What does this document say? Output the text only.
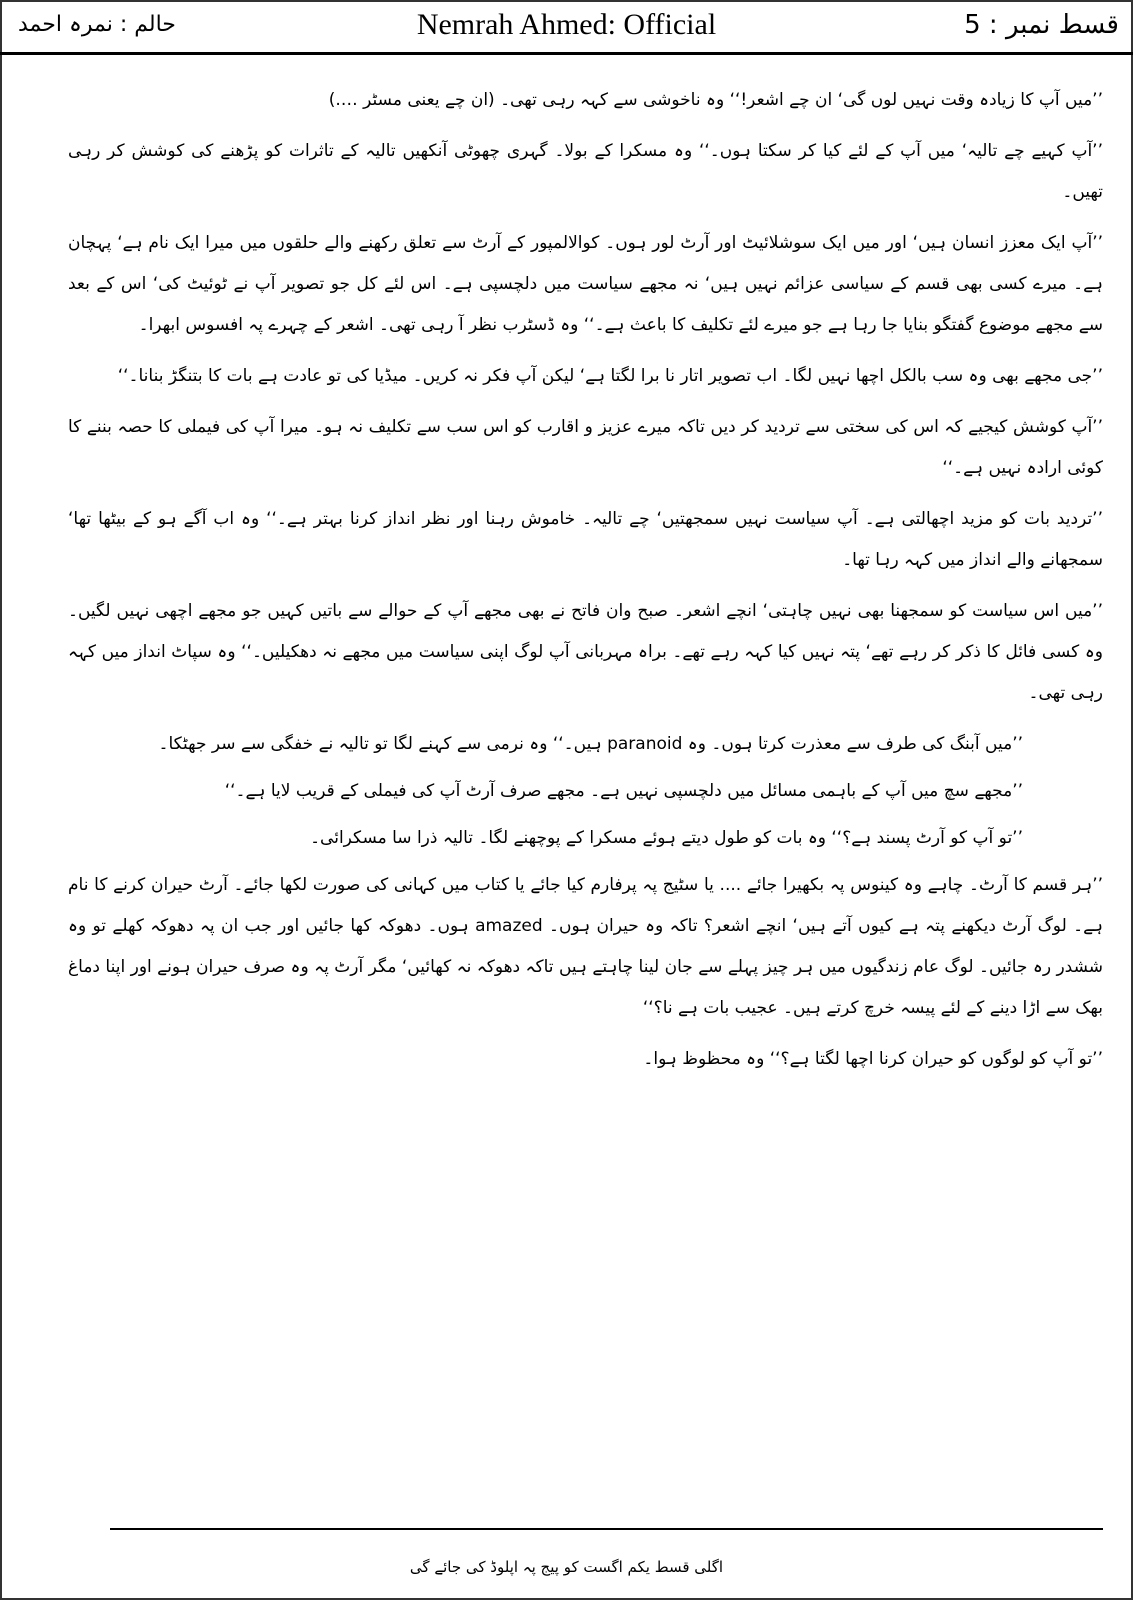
قسط نمبر : 5
Nemrah Ahmed: Official
حالم : نمرہ احمد

’’میں آپ کا زیادہ وقت نہیں لوں گی‘ ان چے اشعر!‘‘ وہ ناخوشی سے کہہ رہی تھی۔ (ان چے یعنی مسٹر ….)

’’آپ کہیے چے تالیہ‘ میں آپ کے لئے کیا کر سکتا ہوں۔‘‘ وہ مسکرا کے بولا۔ گہری چھوٹی آنکھیں تالیہ کے تاثرات کو پڑھنے کی کوشش کر رہی تھیں۔

’’آپ ایک معزز انسان ہیں‘ اور میں ایک سوشلائیٹ اور آرٹ لور ہوں۔ کوالالمپور کے آرٹ سے تعلق رکھنے والے حلقوں میں میرا ایک نام ہے‘ پہچان ہے۔ میرے کسی بھی قسم کے سیاسی عزائم نہیں ہیں‘ نہ مجھے سیاست میں دلچسپی ہے۔ اس لئے کل جو تصویر آپ نے ٹوئیٹ کی‘ اس کے بعد سے مجھے موضوع گفتگو بنایا جا رہا ہے جو میرے لئے تکلیف کا باعث ہے۔‘‘ وہ ڈسٹرب نظر آ رہی تھی۔ اشعر کے چہرے پہ افسوس ابھرا۔

’’جی مجھے بھی وہ سب بالکل اچھا نہیں لگا۔ اب تصویر اتار نا برا لگتا ہے‘ لیکن آپ فکر نہ کریں۔ میڈیا کی تو عادت ہے بات کا بتنگڑ بنانا۔‘‘

’’آپ کوشش کیجیے کہ اس کی سختی سے تردید کر دیں تاکہ میرے عزیز و اقارب کو اس سب سے تکلیف نہ ہو۔ میرا آپ کی فیملی کا حصہ بننے کا کوئی ارادہ نہیں ہے۔‘‘

’’تردید بات کو مزید اچھالتی ہے۔ آپ سیاست نہیں سمجھتیں‘ چے تالیہ۔ خاموش رہنا اور نظر انداز کرنا بہتر ہے۔‘‘ وہ اب آگے ہو کے بیٹھا تھا‘ سمجھانے والے انداز میں کہہ رہا تھا۔

’’میں اس سیاست کو سمجھنا بھی نہیں چاہتی‘ انچے اشعر۔ صبح وان فاتح نے بھی مجھے آپ کے حوالے سے باتیں کہیں جو مجھے اچھی نہیں لگیں۔ وہ کسی فائل کا ذکر کر رہے تھے‘ پتہ نہیں کیا کہہ رہے تھے۔ براہ مہربانی آپ لوگ اپنی سیاست میں مجھے نہ دھکیلیں۔‘‘ وہ سپاٹ انداز میں کہہ رہی تھی۔

’’میں آبنگ کی طرف سے معذرت کرتا ہوں۔ وہ paranoid ہیں۔‘‘ وہ نرمی سے کہنے لگا تو تالیہ نے خفگی سے سر جھٹکا۔

’’مجھے سچ میں آپ کے باہمی مسائل میں دلچسپی نہیں ہے۔ مجھے صرف آرٹ آپ کی فیملی کے قریب لایا ہے۔‘‘

’’تو آپ کو آرٹ پسند ہے؟‘‘ وہ بات کو طول دیتے ہوئے مسکرا کے پوچھنے لگا۔ تالیہ ذرا سا مسکرائی۔

’’ہر قسم کا آرٹ۔ چاہے وہ کینوس پہ بکھیرا جائے .... یا سٹیج پہ پرفارم کیا جائے یا کتاب میں کہانی کی صورت لکھا جائے۔ آرٹ حیران کرنے کا نام ہے۔ لوگ آرٹ دیکھنے پتہ ہے کیوں آتے ہیں‘ انچے اشعر؟ تاکہ وہ حیران ہوں۔ amazed ہوں۔ دھوکہ کھا جائیں اور جب ان پہ دھوکہ کھلے تو وہ ششدر رہ جائیں۔ لوگ عام زندگیوں میں ہر چیز پہلے سے جان لینا چاہتے ہیں تاکہ دھوکہ نہ کھائیں‘ مگر آرٹ پہ وہ صرف حیران ہونے اور اپنا دماغ بھک سے اڑا دینے کے لئے پیسہ خرچ کرتے ہیں۔ عجیب بات ہے نا؟‘‘

’’تو آپ کو لوگوں کو حیران کرنا اچھا لگتا ہے؟‘‘ وہ محظوظ ہوا۔

اگلی قسط یکم اگست کو پیج پہ اپلوڈ کی جائے گی
